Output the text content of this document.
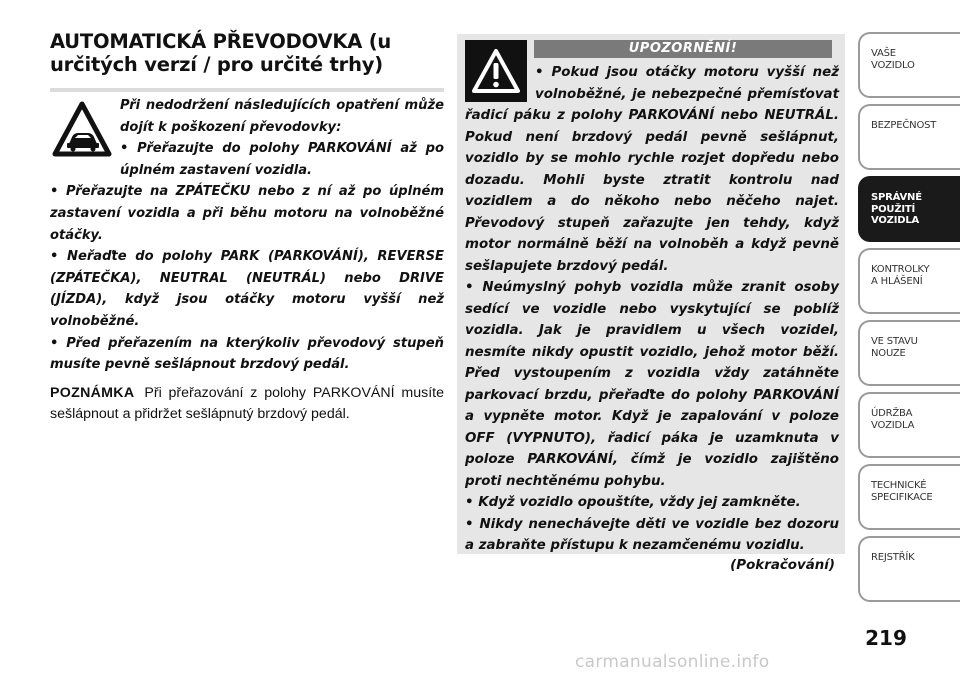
AUTOMATICKÁ PŘEVODOVKA (u
určitých verzí / pro určité trhy)

Při nedodržení následujících opatření může dojít k poškození převodovky:

• Přeřazujte do polohy PARKOVÁNÍ až po úplném zastavení vozidla.

• Přeřazujte na ZPÁTEČKU nebo z ní až po úplném zastavení vozidla a při běhu motoru na volnoběžné otáčky.

• Neřaďte do polohy PARK (PARKOVÁNÍ), REVERSE (ZPÁTEČKA), NEUTRAL (NEUTRÁL) nebo DRIVE (JÍZDA), když jsou otáčky motoru vyšší než volnoběžné.

• Před přeřazením na kterýkoliv převodový stupeň musíte pevně sešlápnout brzdový pedál.

POZNÁMKA Při přeřazování z polohy PARKOVÁNÍ musíte sešlápnout a přidržet sešlápnutý brzdový pedál.
UPOZORNĚNÍ!

• Pokud jsou otáčky motoru vyšší než volnoběžné, je nebezpečné přemísťovat řadicí páku z polohy PARKOVÁNÍ nebo NEUTRÁL. Pokud není brzdový pedál pevně sešlápnut, vozidlo by se mohlo rychle rozjet dopředu nebo dozadu. Mohli byste ztratit kontrolu nad vozidlem a do někoho nebo něčeho najet. Převodový stupeň zařazujte jen tehdy, když motor normálně běží na volnoběh a když pevně sešlapujete brzdový pedál.

• Neúmyslný pohyb vozidla může zranit osoby sedící ve vozidle nebo vyskytující se poblíž vozidla. Jak je pravidlem u všech vozidel, nesmíte nikdy opustit vozidlo, jehož motor běží. Před vystoupením z vozidla vždy zatáhněte parkovací brzdu, přeřaďte do polohy PARKOVÁNÍ a vypněte motor. Když je zapalování v poloze OFF (VYPNUTO), řadicí páka je uzamknuta v poloze PARKOVÁNÍ, čímž je vozidlo zajištěno proti nechtěnému pohybu.

• Když vozidlo opouštíte, vždy jej zamkněte.

• Nikdy nenechávejte děti ve vozidle bez dozoru a zabraňte přístupu k nezamčenému vozidlu.

(Pokračování)
VAŠE
VOZIDLO
BEZPEČNOST
SPRÁVNÉ
POUŽITÍ
VOZIDLA
KONTROLKY
A HLÁŠENÍ
VE STAVU
NOUZE
ÚDRŽBA
VOZIDLA
TECHNICKÉ
SPECIFIKACE
REJSTŘÍK
219
carmanualsonline.info
